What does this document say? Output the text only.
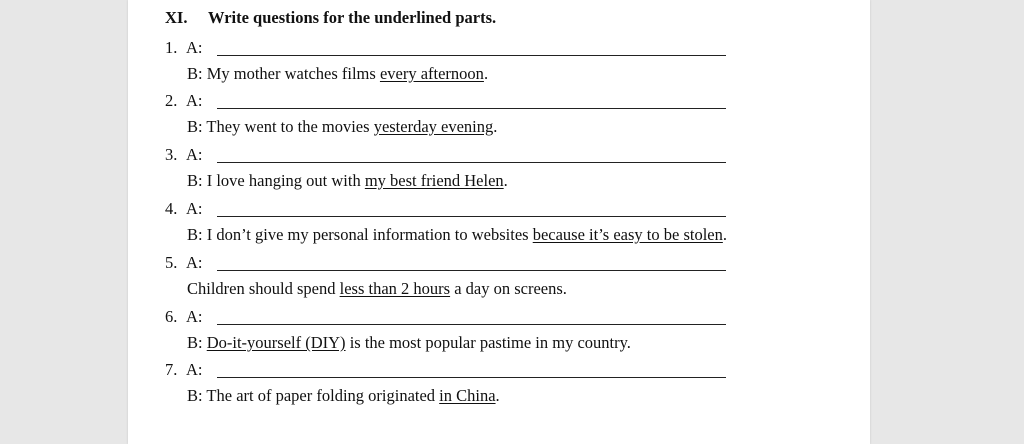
XI. Write questions for the underlined parts.
1. A:
B: My mother watches films every afternoon.
2. A:
B: They went to the movies yesterday evening.
3. A:
B: I love hanging out with my best friend Helen.
4. A:
B: I don’t give my personal information to websites because it’s easy to be stolen.
5. A:
Children should spend less than 2 hours a day on screens.
6. A:
B: Do-it-yourself (DIY) is the most popular pastime in my country.
7. A:
B: The art of paper folding originated in China.
